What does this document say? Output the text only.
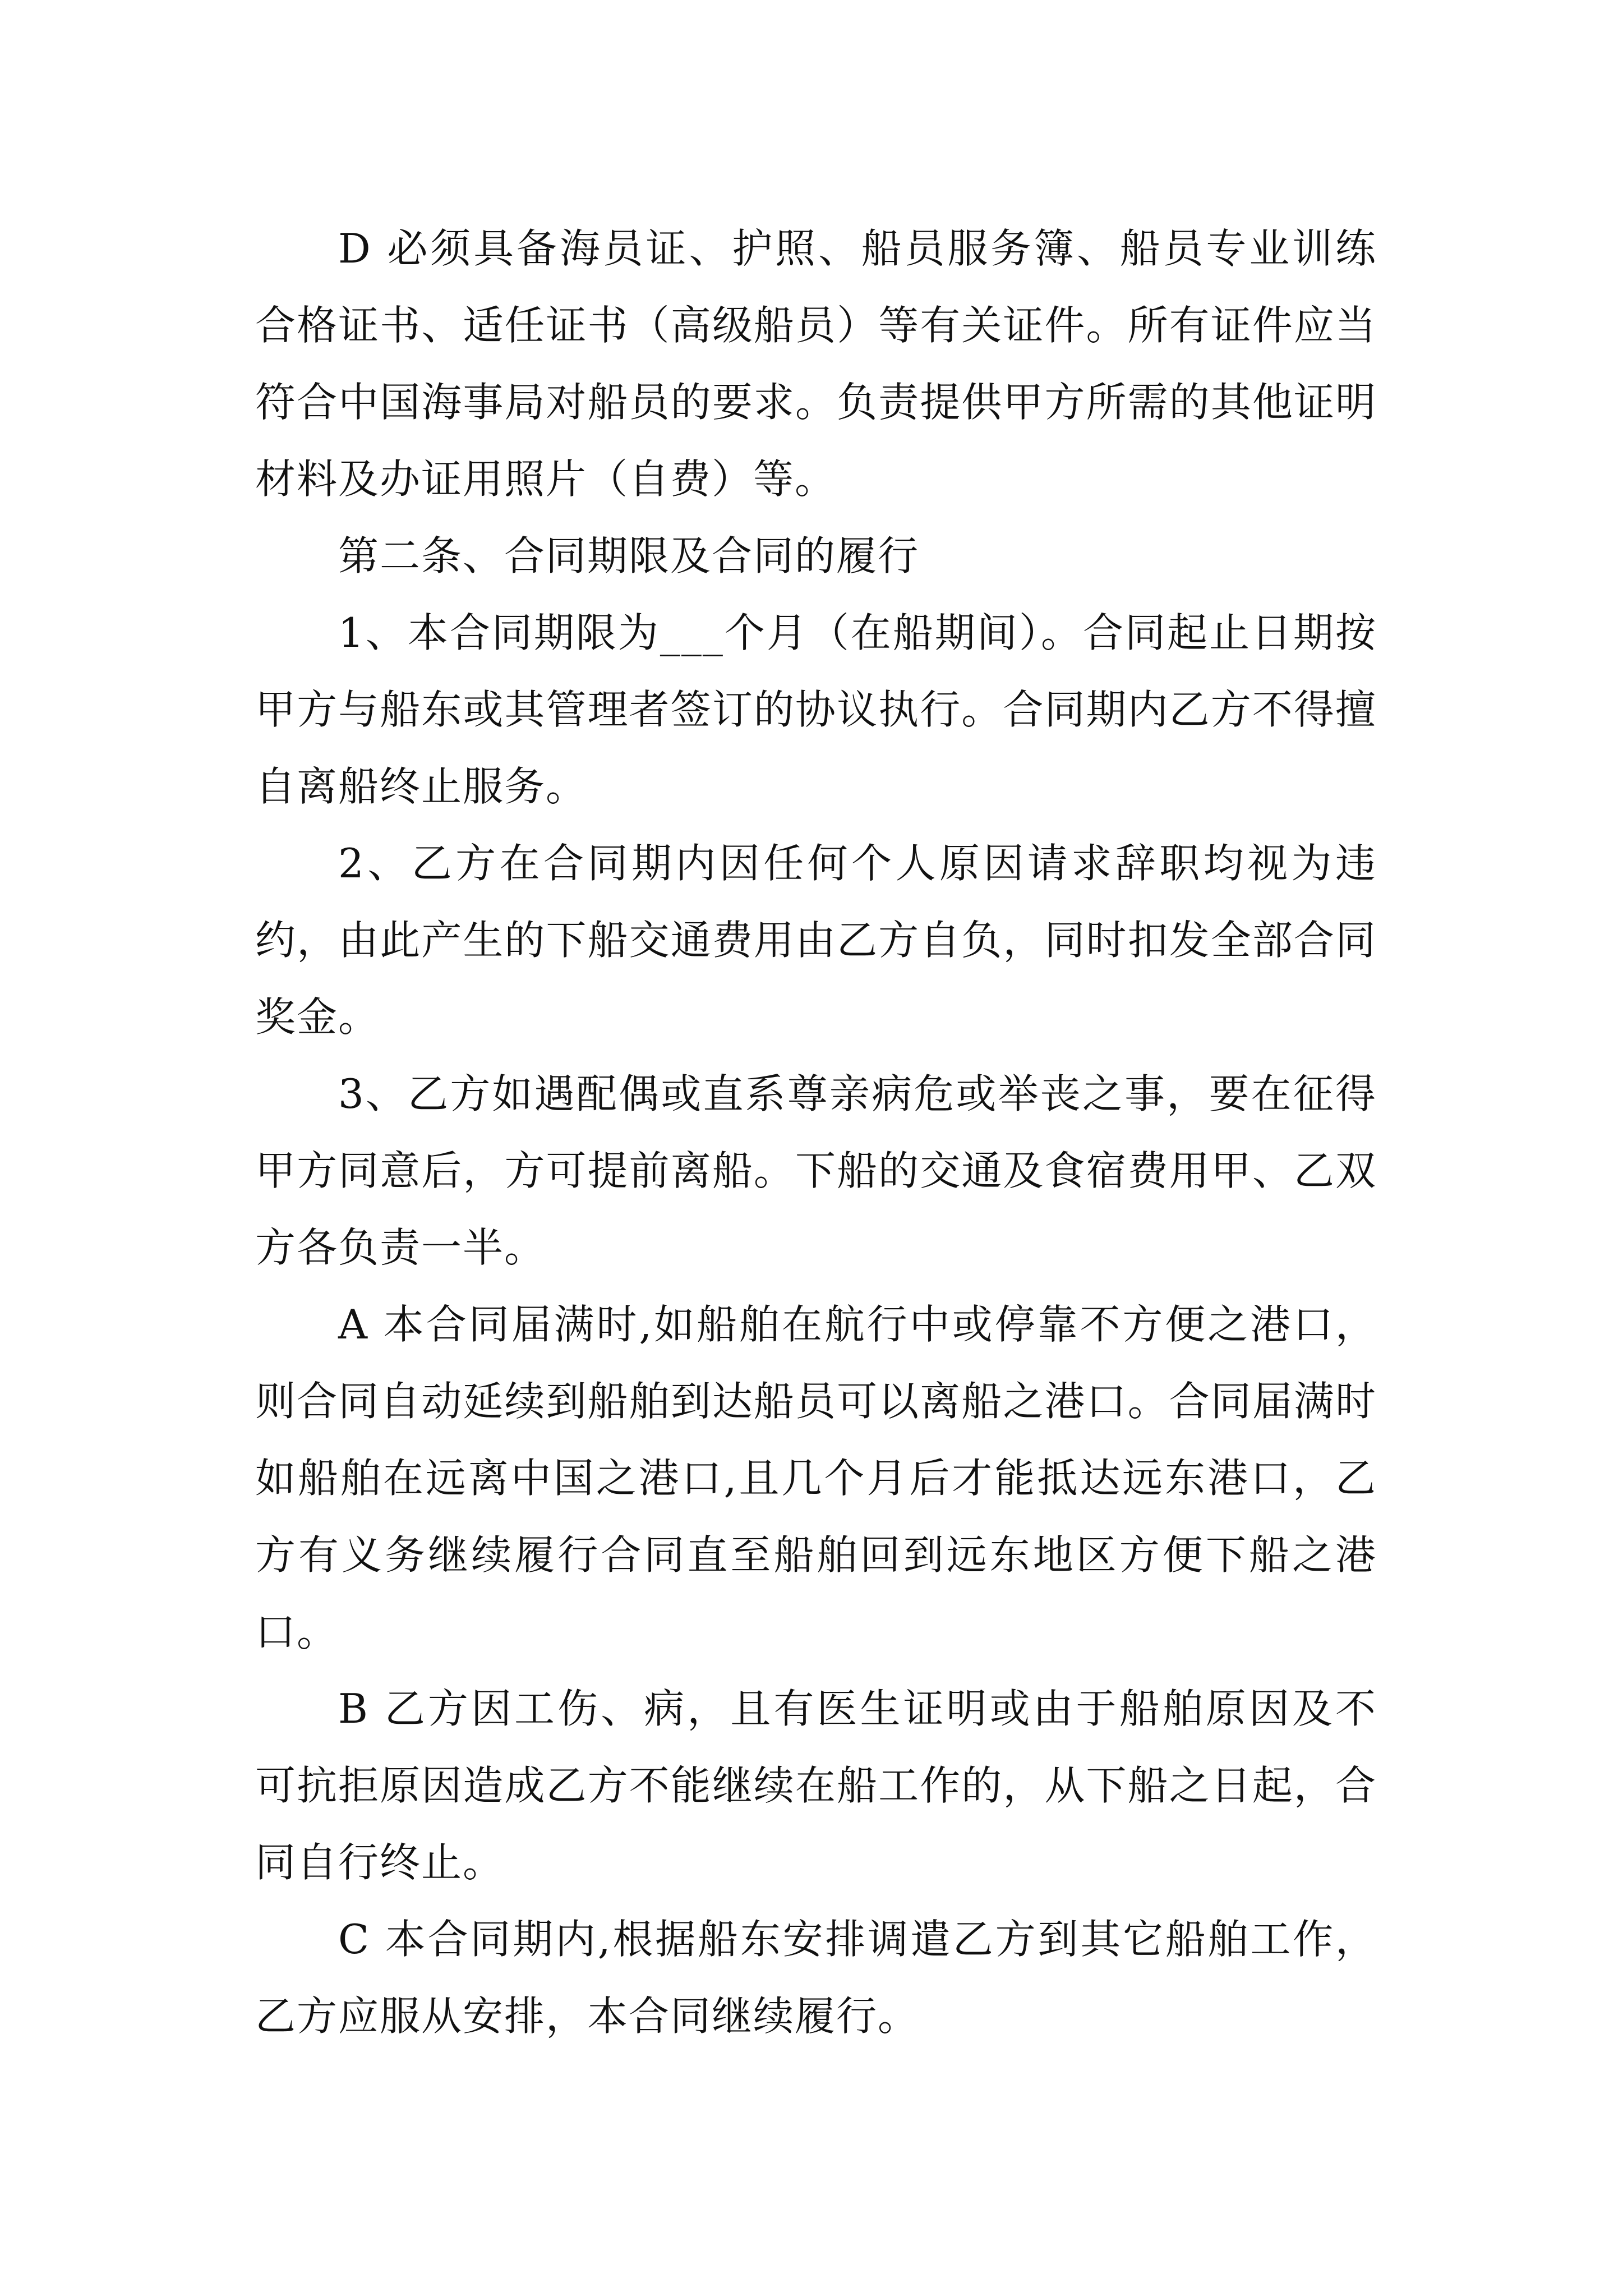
D 必须具备海员证、护照、船员服务簿、船员专业训练合格证书、适任证书（高级船员）等有关证件。所有证件应当符合中国海事局对船员的要求。负责提供甲方所需的其他证明材料及办证用照片（自费）等。

第二条、合同期限及合同的履行

1、本合同期限为___个月（在船期间）。合同起止日期按甲方与船东或其管理者签订的协议执行。合同期内乙方不得擅自离船终止服务。

2、乙方在合同期内因任何个人原因请求辞职均视为违约，由此产生的下船交通费用由乙方自负，同时扣发全部合同奖金。

3、乙方如遇配偶或直系尊亲病危或举丧之事，要在征得甲方同意后，方可提前离船。下船的交通及食宿费用甲、乙双方各负责一半。

A 本合同届满时,如船舶在航行中或停靠不方便之港口，则合同自动延续到船舶到达船员可以离船之港口。合同届满时如船舶在远离中国之港口,且几个月后才能抵达远东港口，乙方有义务继续履行合同直至船舶回到远东地区方便下船之港口。

B 乙方因工伤、病，且有医生证明或由于船舶原因及不可抗拒原因造成乙方不能继续在船工作的，从下船之日起，合同自行终止。

C 本合同期内,根据船东安排调遣乙方到其它船舶工作，乙方应服从安排，本合同继续履行。
